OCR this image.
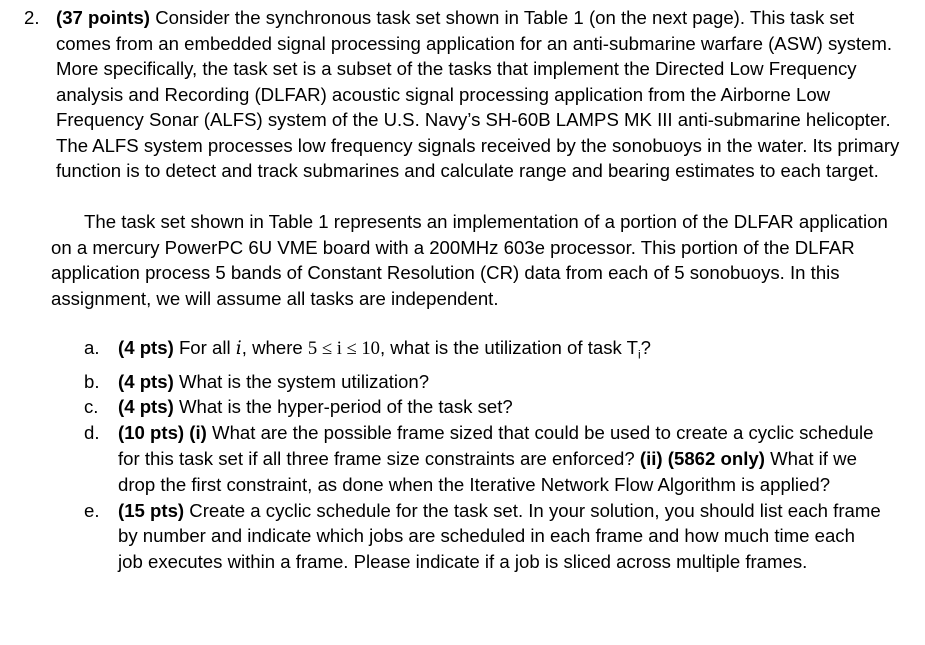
2. (37 points) Consider the synchronous task set shown in Table 1 (on the next page). This task set comes from an embedded signal processing application for an anti-submarine warfare (ASW) system. More specifically, the task set is a subset of the tasks that implement the Directed Low Frequency analysis and Recording (DLFAR) acoustic signal processing application from the Airborne Low Frequency Sonar (ALFS) system of the U.S. Navy’s SH-60B LAMPS MK III anti-submarine helicopter. The ALFS system processes low frequency signals received by the sonobuoys in the water. Its primary function is to detect and track submarines and calculate range and bearing estimates to each target.
The task set shown in Table 1 represents an implementation of a portion of the DLFAR application on a mercury PowerPC 6U VME board with a 200MHz 603e processor. This portion of the DLFAR application process 5 bands of Constant Resolution (CR) data from each of 5 sonobuoys. In this assignment, we will assume all tasks are independent.
a. (4 pts) For all i, where 5 ≤ i ≤ 10, what is the utilization of task $T_i$?
b. (4 pts) What is the system utilization?
c. (4 pts) What is the hyper-period of the task set?
d. (10 pts) (i) What are the possible frame sized that could be used to create a cyclic schedule for this task set if all three frame size constraints are enforced? (ii) (5862 only) What if we drop the first constraint, as done when the Iterative Network Flow Algorithm is applied?
e. (15 pts) Create a cyclic schedule for the task set. In your solution, you should list each frame by number and indicate which jobs are scheduled in each frame and how much time each job executes within a frame. Please indicate if a job is sliced across multiple frames.
